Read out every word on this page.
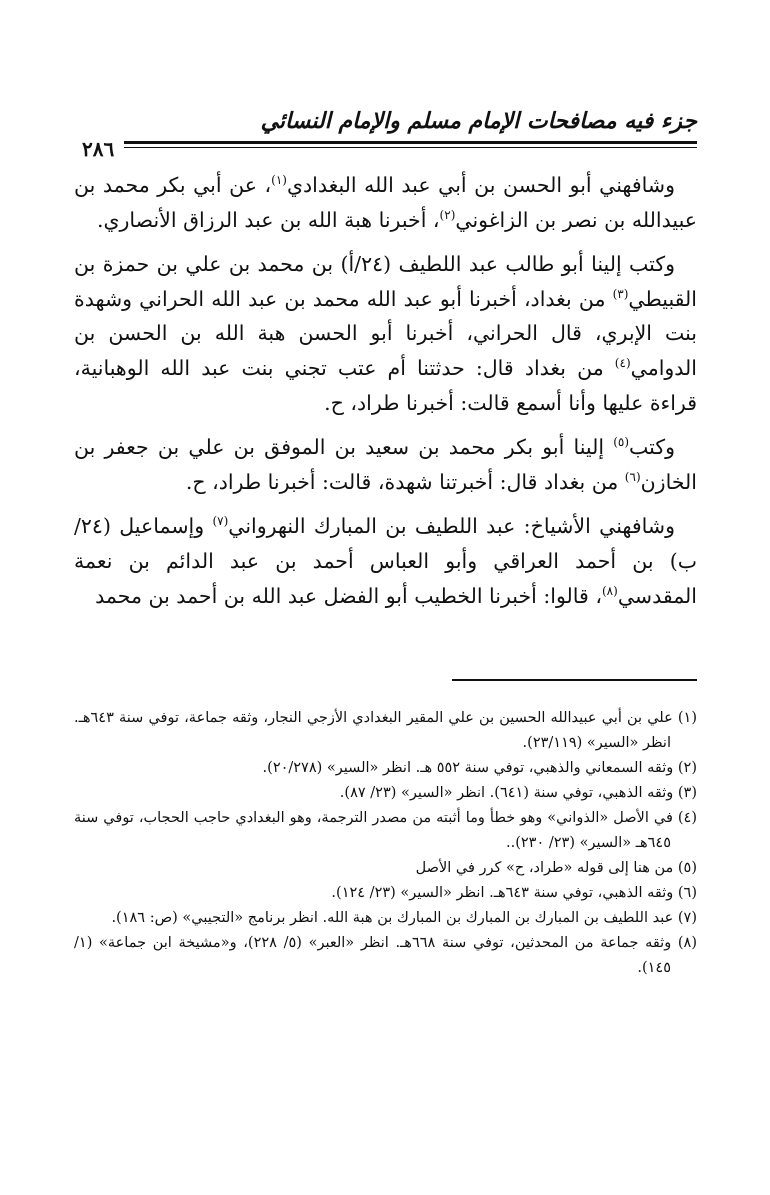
جزء فيه مصافحات الإمام مسلم والإمام النسائي
٢٨٦

وشافهني أبو الحسن بن أبي عبد الله البغدادي$^{(١)}$، عن أبي بكر محمد بن عبيدالله بن نصر بن الزاغوني$^{(٢)}$، أخبرنا هبة الله بن عبد الرزاق الأنصاري.

وكتب إلينا أبو طالب عبد اللطيف (٢٤/أ) بن محمد بن علي بن حمزة بن القبيطي$^{(٣)}$ من بغداد، أخبرنا أبو عبد الله محمد بن عبد الله الحراني وشهدة بنت الإبري، قال الحراني، أخبرنا أبو الحسن هبة الله بن الحسن بن الدوامي$^{(٤)}$ من بغداد قال: حدثتنا أم عتب تجني بنت عبد الله الوهبانية، قراءة عليها وأنا أسمع قالت: أخبرنا طراد، ح.

وكتب$^{(٥)}$ إلينا أبو بكر محمد بن سعيد بن الموفق بن علي بن جعفر بن الخازن$^{(٦)}$ من بغداد قال: أخبرتنا شهدة، قالت: أخبرنا طراد، ح.

وشافهني الأشياخ: عبد اللطيف بن المبارك النهرواني$^{(٧)}$ وإسماعيل (٢٤/ب) بن أحمد العراقي وأبو العباس أحمد بن عبد الدائم بن نعمة المقدسي$^{(٨)}$، قالوا: أخبرنا الخطيب أبو الفضل عبد الله بن أحمد بن محمد

(١) علي بن أبي عبيدالله الحسين بن علي المقير البغدادي الأزجي النجار، وثقه جماعة، توفي سنة ٦٤٣هـ. انظر «السير» (٢٣/١١٩).

(٢) وثقه السمعاني والذهبي، توفي سنة ٥٥٢ هـ. انظر «السير» (٢٠/٢٧٨).

(٣) وثقه الذهبي، توفي سنة (٦٤١). انظر «السير» (٢٣/ ٨٧).

(٤) في الأصل «الذواني» وهو خطأ وما أثبته من مصدر الترجمة، وهو البغدادي حاجب الحجاب، توفي سنة ٦٤٥هـ «السير» (٢٣/ ٢٣٠)..

(٥) من هنا إلى قوله «طراد، ح» كرر في الأصل

(٦) وثقه الذهبي، توفي سنة ٦٤٣هـ. انظر «السير» (٢٣/ ١٢٤).

(٧) عبد اللطيف بن المبارك بن المبارك بن المبارك بن هبة الله. انظر برنامج «التجيبي» (ص: ١٨٦).

(٨) وثقه جماعة من المحدثين، توفي سنة ٦٦٨هـ. انظر «العبر» (٥/ ٢٢٨)، و«مشيخة ابن جماعة» (١/ ١٤٥).
